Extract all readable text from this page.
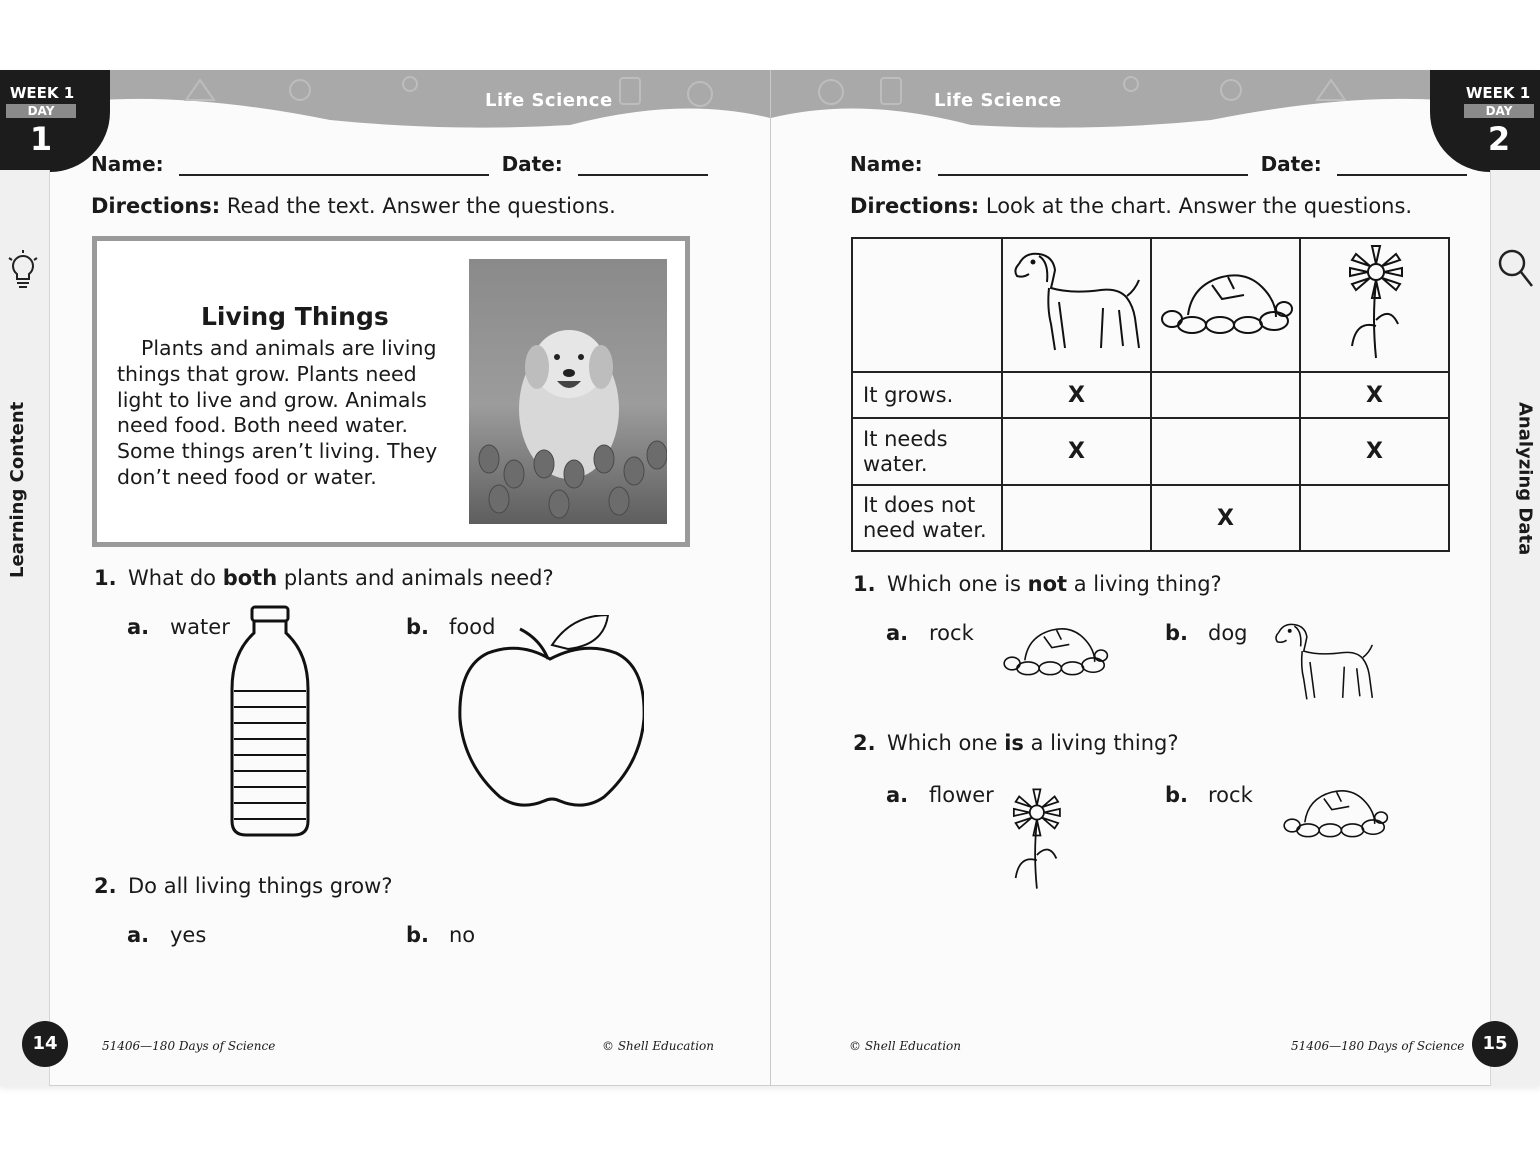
Life Science
WEEK 1
DAY
1
Learning Content
Name:	Date:
Directions: Read the text. Answer the questions.
Living Things
Plants and animals are living
things that grow. Plants need
light to live and grow. Animals
need food. Both need water.
Some things aren’t living. They
don’t need food or water.
1. What do both plants and animals need?
a. water	b. food
2. Do all living things grow?
a. yes	b. no
14	51406—180 Days of Science	© Shell Education
Life Science	WEEK 1
DAY
2
Analyzing Data
Name:	Date:
Directions: Look at the chart. Answer the questions.

It grows.	X		X
It needs water.	X		X
It does not need water.		X	
1. Which one is not a living thing?
a. rock	b. dog
2. Which one is a living thing?
a. flower	b. rock
© Shell Education	51406—180 Days of Science	15
